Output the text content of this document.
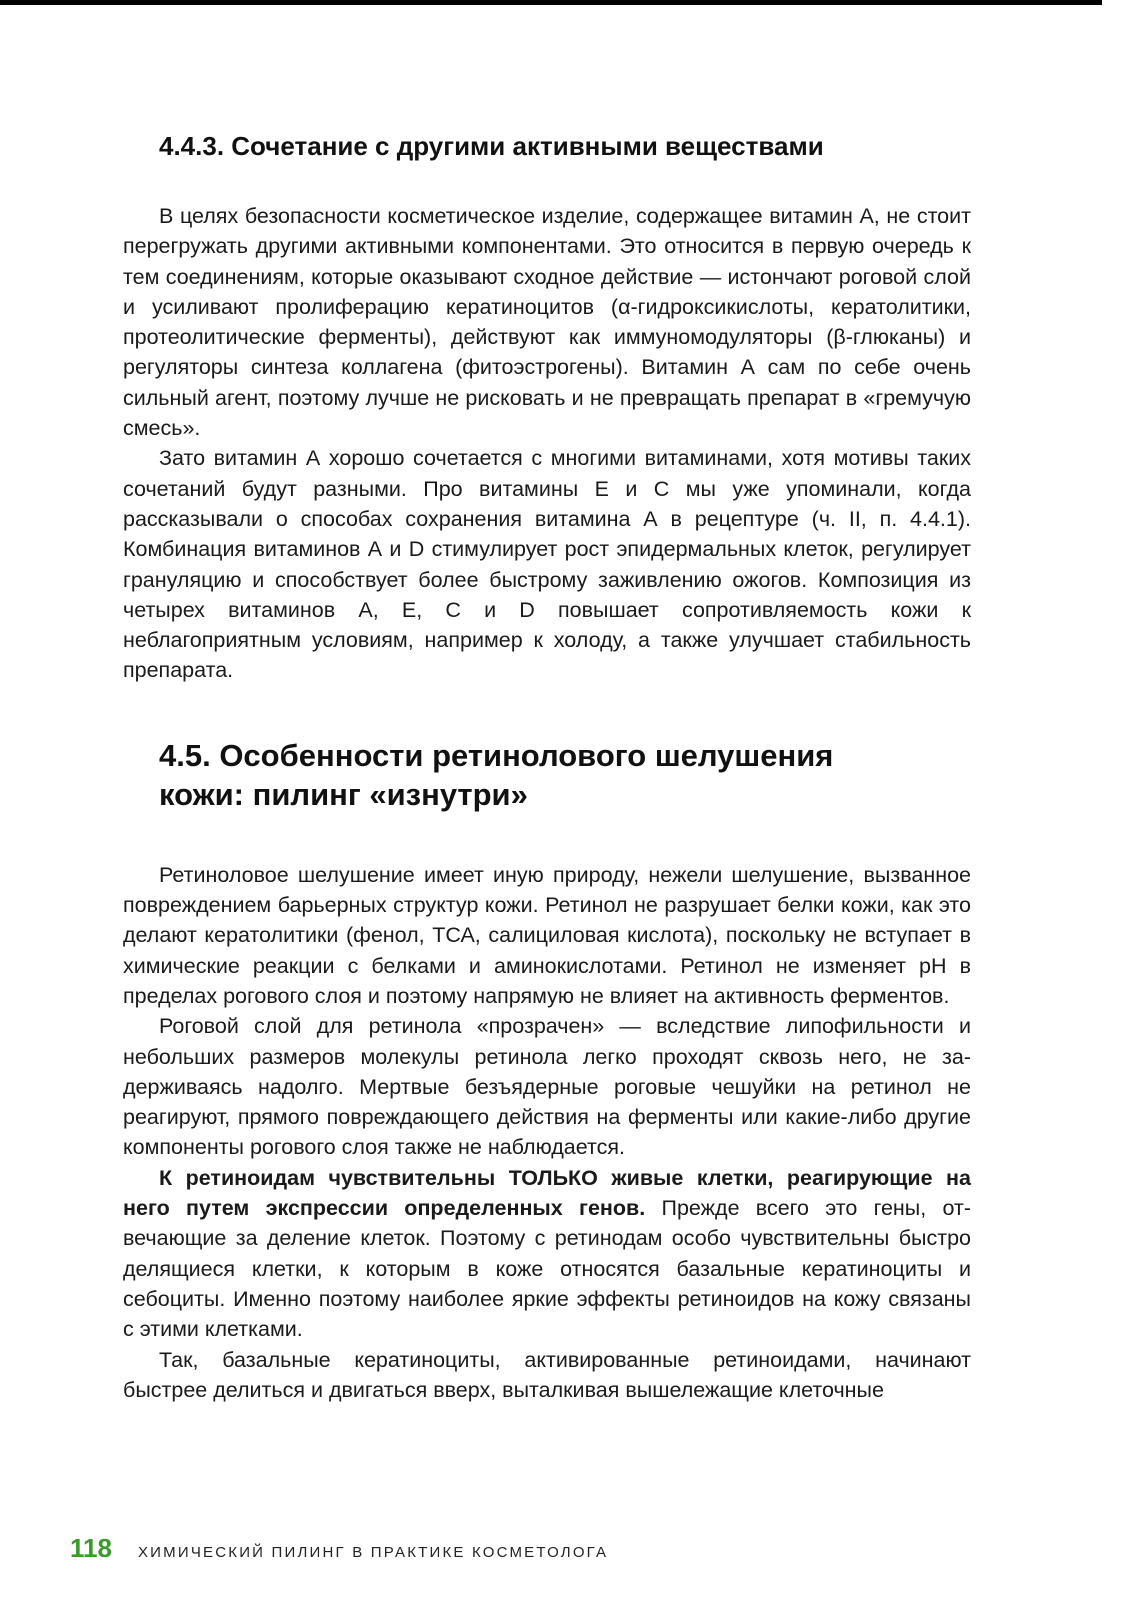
4.4.3. Сочетание с другими активными веществами

В целях безопасности косметическое изделие, содержащее витамин А, не стоит перегружать другими активными компонентами. Это относится в первую очередь к тем соединениям, которые оказывают сходное действие — истончают роговой слой и усиливают пролиферацию кератиноцитов (α-гидроксикислоты, кератолитики, протеолитические ферменты), действуют как иммуномодуляторы (β-глюканы) и регуляторы синтеза коллагена (фитоэстрогены). Витамин А сам по себе очень сильный агент, поэтому лучше не рисковать и не превращать препарат в «гремучую смесь».

Зато витамин А хорошо сочетается с многими витаминами, хотя мотивы таких сочетаний будут разными. Про витамины Е и С мы уже упоминали, когда рассказывали о способах сохранения витамина А в рецептуре (ч. II, п. 4.4.1). Комбинация витаминов А и D стимулирует рост эпидермальных клеток, регулирует грануляцию и способствует более быстрому заживлению ожогов. Композиция из четырех витаминов А, Е, С и D повышает сопротивляемость кожи к неблагоприятным условиям, например к холоду, а также улучшает стабильность препарата.

4.5. Особенности ретинолового шелушения
кожи: пилинг «изнутри»

Ретиноловое шелушение имеет иную природу, нежели шелушение, вызванное повреждением барьерных структур кожи. Ретинол не разрушает белки кожи, как это делают кератолитики (фенол, ТСА, салициловая кислота), поскольку не вступает в химические реакции с белками и аминокислотами. Ретинол не изменяет рН в пределах рогового слоя и поэтому напрямую не влияет на активность ферментов.

Роговой слой для ретинола «прозрачен» — вследствие липофильности и небольших размеров молекулы ретинола легко проходят сквозь него, не задерживаясь надолго. Мертвые безъядерные роговые чешуйки на ретинол не реагируют, прямого повреждающего действия на ферменты или какие-либо другие компоненты рогового слоя также не наблюдается.

К ретиноидам чувствительны ТОЛЬКО живые клетки, реагирующие на него путем экспрессии определенных генов. Прежде всего это гены, отвечающие за деление клеток. Поэтому с ретинодам особо чувствительны быстро делящиеся клетки, к которым в коже относятся базальные кератиноциты и себоциты. Именно поэтому наиболее яркие эффекты ретиноидов на кожу связаны с этими клетками.

Так, базальные кератиноциты, активированные ретиноидами, начинают быстрее делиться и двигаться вверх, выталкивая вышележащие клеточные

118 ХИМИЧЕСКИЙ ПИЛИНГ В ПРАКТИКЕ КОСМЕТОЛОГА
